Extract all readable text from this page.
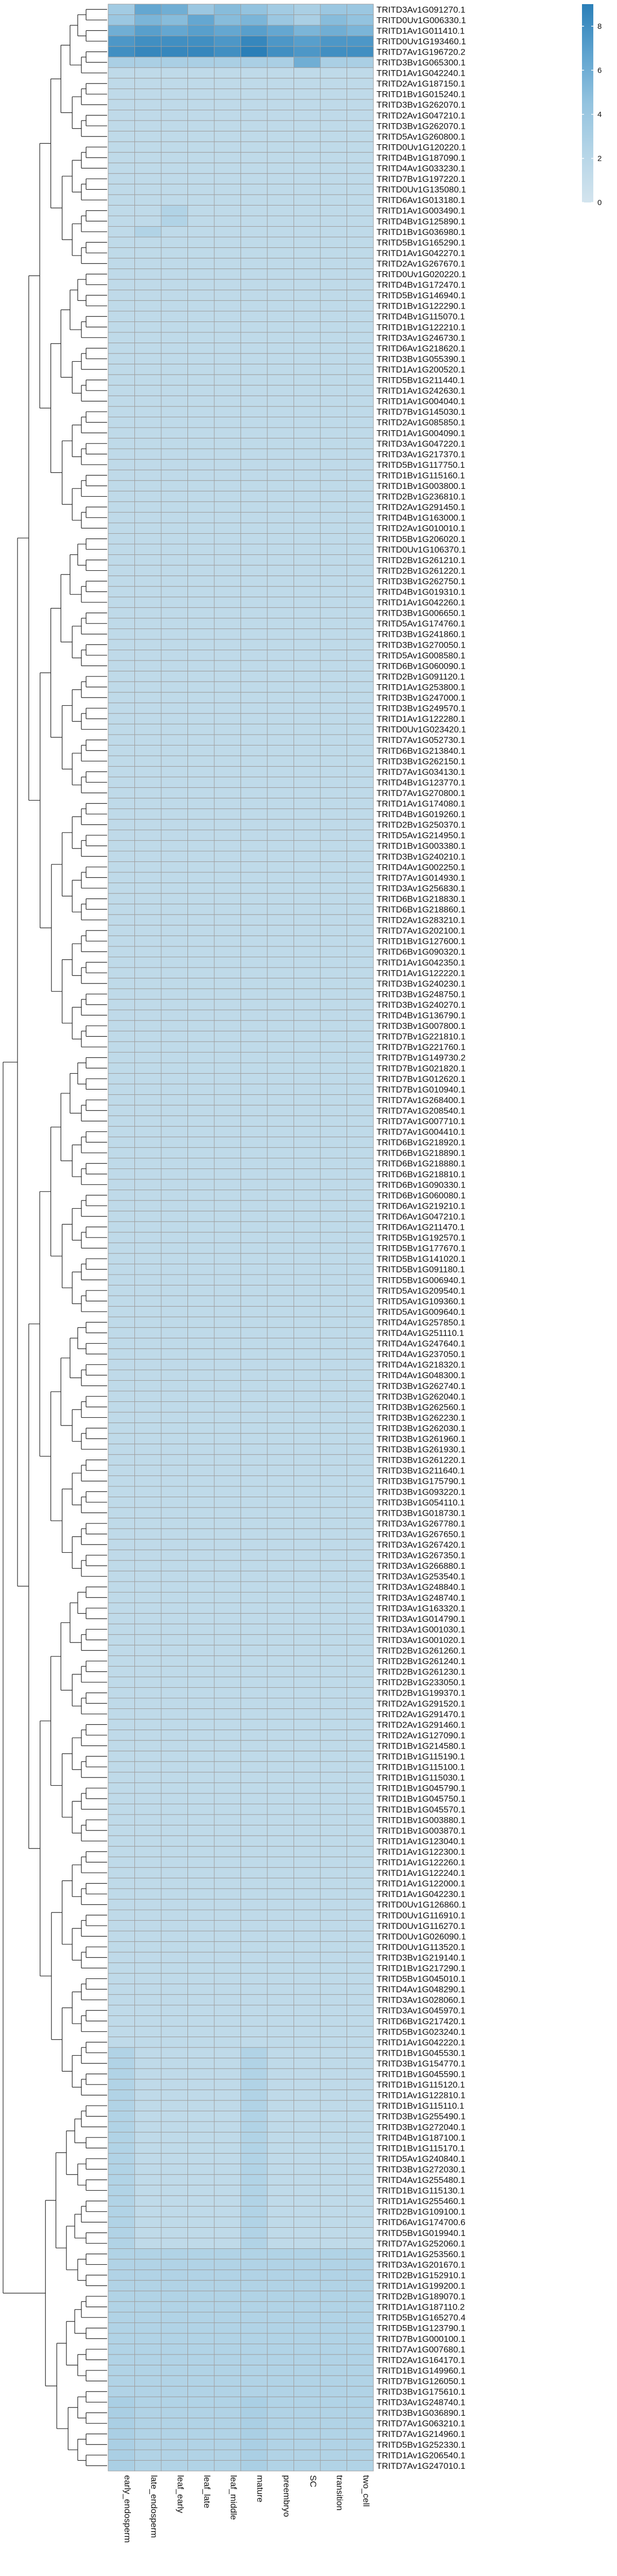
TRITD3Av1G091270.1
TRITD0Uv1G006330.1
TRITD1Av1G011410.1
TRITD0Uv1G193460.1
TRITD7Av1G196720.2
TRITD3Bv1G065300.1
TRITD1Av1G042240.1
TRITD2Av1G187150.1
TRITD1Bv1G015240.1
TRITD3Bv1G262070.1
TRITD2Av1G047210.1
TRITD3Bv1G262070.1
TRITD5Av1G260800.1
TRITD0Uv1G120220.1
TRITD4Bv1G187090.1
TRITD4Av1G033230.1
TRITD7Bv1G197220.1
TRITD0Uv1G135080.1
TRITD6Av1G013180.1
TRITD1Av1G003490.1
TRITD4Bv1G125890.1
TRITD1Bv1G036980.1
TRITD5Bv1G165290.1
TRITD1Av1G042270.1
TRITD2Av1G267670.1
TRITD0Uv1G020220.1
TRITD4Bv1G172470.1
TRITD5Bv1G146940.1
TRITD1Bv1G122290.1
TRITD4Bv1G115070.1
TRITD1Bv1G122210.1
TRITD3Av1G246730.1
TRITD6Av1G218620.1
TRITD3Bv1G055390.1
TRITD1Av1G200520.1
TRITD5Bv1G211440.1
TRITD1Av1G242630.1
TRITD1Av1G004040.1
TRITD7Bv1G145030.1
TRITD2Av1G085850.1
TRITD1Av1G004090.1
TRITD3Av1G047220.1
TRITD3Av1G217370.1
TRITD5Bv1G117750.1
TRITD1Bv1G115160.1
TRITD1Bv1G003800.1
TRITD2Bv1G236810.1
TRITD2Av1G291450.1
TRITD4Bv1G163000.1
TRITD2Av1G010010.1
TRITD5Bv1G206020.1
TRITD0Uv1G106370.1
TRITD2Bv1G261210.1
TRITD2Bv1G261220.1
TRITD3Bv1G262750.1
TRITD4Bv1G019310.1
TRITD1Av1G042260.1
TRITD3Bv1G006650.1
TRITD5Av1G174760.1
TRITD3Bv1G241860.1
TRITD3Bv1G270050.1
TRITD5Av1G008580.1
TRITD6Bv1G060090.1
TRITD2Bv1G091120.1
TRITD1Av1G253800.1
TRITD3Bv1G247000.1
TRITD3Bv1G249570.1
TRITD1Av1G122280.1
TRITD0Uv1G023420.1
TRITD7Av1G052730.1
TRITD6Bv1G213840.1
TRITD3Bv1G262150.1
TRITD7Av1G034130.1
TRITD4Bv1G123770.1
TRITD7Av1G270800.1
TRITD1Av1G174080.1
TRITD4Bv1G019260.1
TRITD2Bv1G250370.1
TRITD5Av1G214950.1
TRITD1Bv1G003380.1
TRITD3Bv1G240210.1
TRITD4Av1G002250.1
TRITD7Av1G014930.1
TRITD3Av1G256830.1
TRITD6Bv1G218830.1
TRITD6Bv1G218860.1
TRITD2Av1G283210.1
TRITD7Av1G202100.1
TRITD1Bv1G127600.1
TRITD6Bv1G090320.1
TRITD1Av1G042350.1
TRITD1Av1G122220.1
TRITD3Bv1G240230.1
TRITD3Bv1G248750.1
TRITD3Bv1G240270.1
TRITD4Bv1G136790.1
TRITD3Bv1G007800.1
TRITD7Bv1G221810.1
TRITD7Bv1G221760.1
TRITD7Bv1G149730.2
TRITD7Bv1G021820.1
TRITD7Bv1G012620.1
TRITD7Bv1G010940.1
TRITD7Av1G268400.1
TRITD7Av1G208540.1
TRITD7Av1G007710.1
TRITD7Av1G004410.1
TRITD6Bv1G218920.1
TRITD6Bv1G218890.1
TRITD6Bv1G218880.1
TRITD6Bv1G218810.1
TRITD6Bv1G090330.1
TRITD6Bv1G060080.1
TRITD6Av1G219210.1
TRITD6Av1G047210.1
TRITD6Av1G211470.1
TRITD5Bv1G192570.1
TRITD5Bv1G177670.1
TRITD5Bv1G141020.1
TRITD5Bv1G091180.1
TRITD5Bv1G006940.1
TRITD5Av1G209540.1
TRITD5Av1G109360.1
TRITD5Av1G009640.1
TRITD4Av1G257850.1
TRITD4Av1G251110.1
TRITD4Av1G247640.1
TRITD4Av1G237050.1
TRITD4Av1G218320.1
TRITD4Av1G048300.1
TRITD3Bv1G262740.1
TRITD3Bv1G262040.1
TRITD3Bv1G262560.1
TRITD3Bv1G262230.1
TRITD3Bv1G262030.1
TRITD3Bv1G261960.1
TRITD3Bv1G261930.1
TRITD3Bv1G261220.1
TRITD3Bv1G211640.1
TRITD3Bv1G175790.1
TRITD3Bv1G093220.1
TRITD3Bv1G054110.1
TRITD3Bv1G018730.1
TRITD3Av1G267780.1
TRITD3Av1G267650.1
TRITD3Av1G267420.1
TRITD3Av1G267350.1
TRITD3Av1G266880.1
TRITD3Av1G253540.1
TRITD3Av1G248840.1
TRITD3Av1G248740.1
TRITD3Av1G163320.1
TRITD3Av1G014790.1
TRITD3Av1G001030.1
TRITD3Av1G001020.1
TRITD2Bv1G261260.1
TRITD2Bv1G261240.1
TRITD2Bv1G261230.1
TRITD2Bv1G233050.1
TRITD2Bv1G199370.1
TRITD2Av1G291520.1
TRITD2Av1G291470.1
TRITD2Av1G291460.1
TRITD2Av1G127090.1
TRITD1Bv1G214580.1
TRITD1Bv1G115190.1
TRITD1Bv1G115100.1
TRITD1Bv1G115030.1
TRITD1Bv1G045790.1
TRITD1Bv1G045750.1
TRITD1Bv1G045570.1
TRITD1Bv1G003880.1
TRITD1Bv1G003870.1
TRITD1Av1G123040.1
TRITD1Av1G122300.1
TRITD1Av1G122260.1
TRITD1Av1G122240.1
TRITD1Av1G122000.1
TRITD1Av1G042230.1
TRITD0Uv1G126860.1
TRITD0Uv1G116910.1
TRITD0Uv1G116270.1
TRITD0Uv1G026090.1
TRITD0Uv1G113520.1
TRITD3Bv1G219140.1
TRITD1Bv1G217290.1
TRITD5Bv1G045010.1
TRITD4Av1G048290.1
TRITD3Av1G028060.1
TRITD3Av1G045970.1
TRITD6Bv1G217420.1
TRITD5Bv1G023240.1
TRITD1Av1G042220.1
TRITD1Bv1G045530.1
TRITD3Bv1G154770.1
TRITD1Bv1G045590.1
TRITD1Bv1G115120.1
TRITD1Av1G122810.1
TRITD1Bv1G115110.1
TRITD3Bv1G255490.1
TRITD3Bv1G272040.1
TRITD4Bv1G187100.1
TRITD1Bv1G115170.1
TRITD5Av1G240840.1
TRITD3Bv1G272030.1
TRITD4Av1G255480.1
TRITD1Bv1G115130.1
TRITD1Av1G255460.1
TRITD2Bv1G109100.1
TRITD6Av1G174700.6
TRITD5Bv1G019940.1
TRITD7Av1G252060.1
TRITD1Av1G253560.1
TRITD3Av1G201670.1
TRITD2Bv1G152910.1
TRITD1Av1G199200.1
TRITD2Bv1G189070.1
TRITD1Av1G187110.2
TRITD5Bv1G165270.4
TRITD5Bv1G123790.1
TRITD7Bv1G000100.1
TRITD7Av1G007680.1
TRITD2Av1G164170.1
TRITD1Bv1G149960.1
TRITD7Bv1G126050.1
TRITD3Bv1G175610.1
TRITD3Av1G248740.1
TRITD3Bv1G036890.1
TRITD7Av1G063210.1
TRITD7Av1G214960.1
TRITD5Bv1G252330.1
TRITD1Av1G206540.1
TRITD7Av1G247010.1
early_endosperm late_endosperm leaf_early leaf_late leaf_middle mature preembryo SC transition two_cell
0
2
4
6
8
